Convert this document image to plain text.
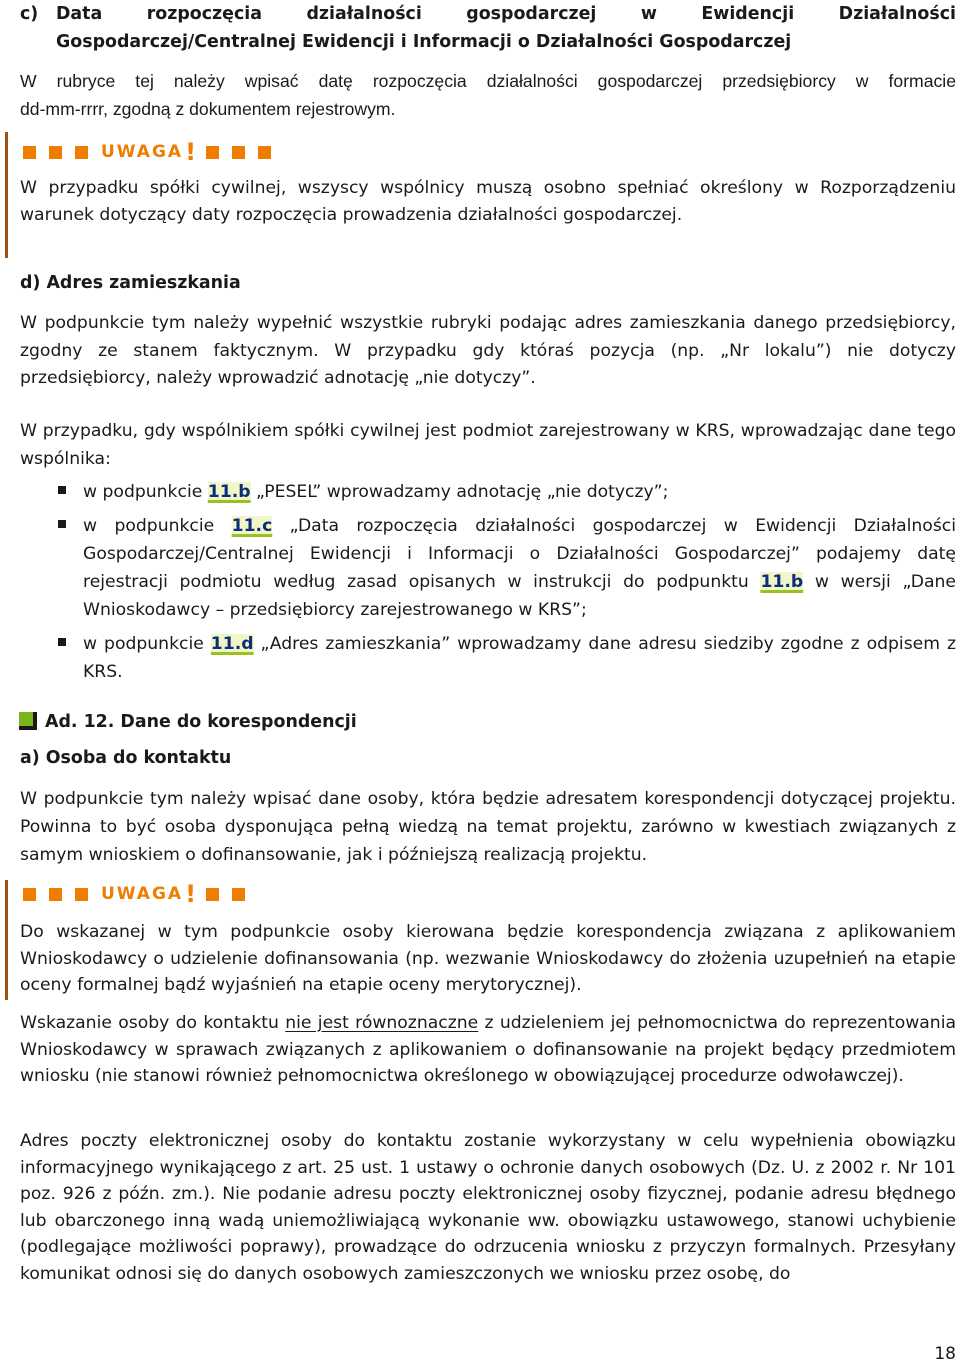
c) Data rozpoczęcia działalności gospodarczej w Ewidencji Działalności

Gospodarczej/Centralnej Ewidencji i Informacji o Działalności Gospodarczej

W rubryce tej należy wpisać datę rozpoczęcia działalności gospodarczej przedsiębiorcy w formacie

dd-mm-rrrr, zgodną z dokumentem rejestrowym.

UWAGA !

W przypadku spółki cywilnej, wszyscy wspólnicy muszą osobno spełniać określony w Rozporządzeniu warunek dotyczący daty rozpoczęcia prowadzenia działalności gospodarczej.

d) Adres zamieszkania

W podpunkcie tym należy wypełnić wszystkie rubryki podając adres zamieszkania danego przedsiębiorcy, zgodny ze stanem faktycznym. W przypadku gdy któraś pozycja (np. „Nr lokalu”) nie dotyczy przedsiębiorcy, należy wprowadzić adnotację „nie dotyczy”.

W przypadku, gdy wspólnikiem spółki cywilnej jest podmiot zarejestrowany w KRS, wprowadzając dane tego wspólnika:

w podpunkcie 11.b „PESEL” wprowadzamy adnotację „nie dotyczy”;

w podpunkcie 11.c „Data rozpoczęcia działalności gospodarczej w Ewidencji Działalności Gospodarczej/Centralnej Ewidencji i Informacji o Działalności Gospodarczej” podajemy datę rejestracji podmiotu według zasad opisanych w instrukcji do podpunktu 11.b w wersji „Dane Wnioskodawcy – przedsiębiorcy zarejestrowanego w KRS”;

w podpunkcie 11.d „Adres zamieszkania” wprowadzamy dane adresu siedziby zgodne z odpisem z KRS.

Ad. 12. Dane do korespondencji

a) Osoba do kontaktu

W podpunkcie tym należy wpisać dane osoby, która będzie adresatem korespondencji dotyczącej projektu. Powinna to być osoba dysponująca pełną wiedzą na temat projektu, zarówno w kwestiach związanych z samym wnioskiem o dofinansowanie, jak i późniejszą realizacją projektu.

UWAGA !

Do wskazanej w tym podpunkcie osoby kierowana będzie korespondencja związana z aplikowaniem Wnioskodawcy o udzielenie dofinansowania (np. wezwanie Wnioskodawcy do złożenia uzupełnień na etapie oceny formalnej bądź wyjaśnień na etapie oceny merytorycznej).

Wskazanie osoby do kontaktu nie jest równoznaczne z udzieleniem jej pełnomocnictwa do reprezentowania Wnioskodawcy w sprawach związanych z aplikowaniem o dofinansowanie na projekt będący przedmiotem wniosku (nie stanowi również pełnomocnictwa określonego w obowiązującej procedurze odwoławczej).

Adres poczty elektronicznej osoby do kontaktu zostanie wykorzystany w celu wypełnienia obowiązku informacyjnego wynikającego z art. 25 ust. 1 ustawy o ochronie danych osobowych (Dz. U. z 2002 r. Nr 101 poz. 926 z późn. zm.). Nie podanie adresu poczty elektronicznej osoby fizycznej, podanie adresu błędnego lub obarczonego inną wadą uniemożliwiającą wykonanie ww. obowiązku ustawowego, stanowi uchybienie (podlegające możliwości poprawy), prowadzące do odrzucenia wniosku z przyczyn formalnych. Przesyłany komunikat odnosi się do danych osobowych zamieszczonych we wniosku przez osobę, do

18
